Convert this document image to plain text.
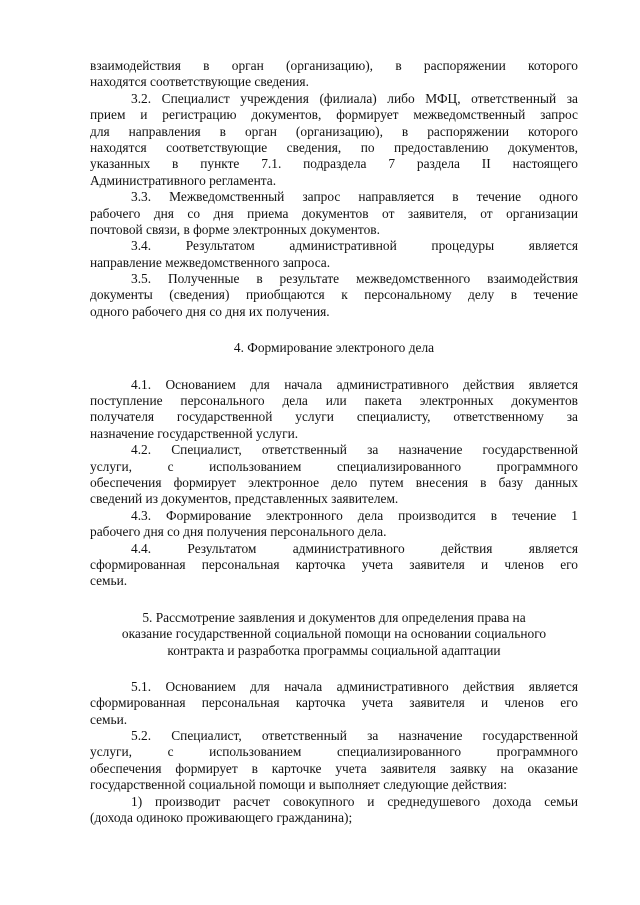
взаимодействия в орган (организацию), в распоряжении которого
находятся соответствующие сведения.
3.2. Специалист учреждения (филиала) либо МФЦ, ответственный за
прием и регистрацию документов, формирует межведомственный запрос
для направления в орган (организацию), в распоряжении которого
находятся соответствующие сведения, по предоставлению документов,
указанных в пункте 7.1. подраздела 7 раздела II настоящего
Административного регламента.
3.3. Межведомственный запрос направляется в течение одного
рабочего дня со дня приема документов от заявителя, от организации
почтовой связи, в форме электронных документов.
3.4. Результатом административной процедуры является
направление межведомственного запроса.
3.5. Полученные в результате межведомственного взаимодействия
документы (сведения) приобщаются к персональному делу в течение
одного рабочего дня со дня их получения.
4. Формирование электроного дела
4.1. Основанием для начала административного действия является
поступление персонального дела или пакета электронных документов
получателя государственной услуги специалисту, ответственному за
назначение государственной услуги.
4.2. Специалист, ответственный за назначение государственной
услуги, с использованием специализированного программного
обеспечения формирует электронное дело путем внесения в базу данных
сведений из документов, представленных заявителем.
4.3. Формирование электронного дела производится в течение 1
рабочего дня со дня получения персонального дела.
4.4. Результатом административного действия является
сформированная персональная карточка учета заявителя и членов его
семьи.
5. Рассмотрение заявления и документов для определения права на
оказание государственной социальной помощи на основании социального
контракта и разработка программы социальной адаптации
5.1. Основанием для начала административного действия является
сформированная персональная карточка учета заявителя и членов его
семьи.
5.2. Специалист, ответственный за назначение государственной
услуги, с использованием специализированного программного
обеспечения формирует в карточке учета заявителя заявку на оказание
государственной социальной помощи и выполняет следующие действия:
1) производит расчет совокупного и среднедушевого дохода семьи
(дохода одиноко проживающего гражданина);
